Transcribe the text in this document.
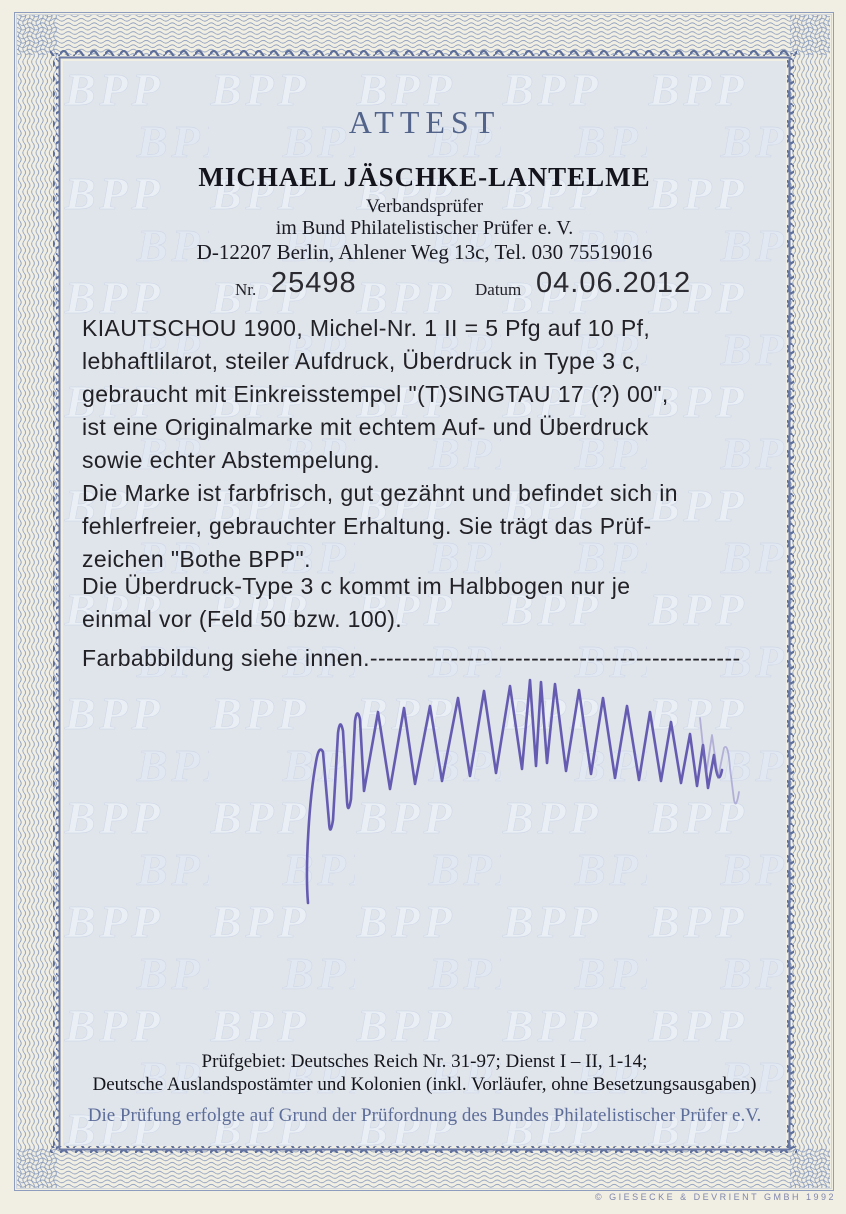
ATTEST
MICHAEL JÄSCHKE-LANTELME
Verbandsprüfer
im Bund Philatelistischer Prüfer e. V.
D-12207 Berlin, Ahlener Weg 13c, Tel. 030 75519016
Nr. 25498	Datum 04.06.2012
KIAUTSCHOU 1900, Michel-Nr. 1 II = 5 Pfg auf 10 Pf,
lebhaftlilarot, steiler Aufdruck, Überdruck in Type 3 c,
gebraucht mit Einkreisstempel "(T)SINGTAU 17 (?) 00",
ist eine Originalmarke mit echtem Auf- und Überdruck
sowie echter Abstempelung.
Die Marke ist farbfrisch, gut gezähnt und befindet sich in
fehlerfreier, gebrauchter Erhaltung. Sie trägt das Prüf-
zeichen "Bothe BPP".
Die Überdruck-Type 3 c kommt im Halbbogen nur je
einmal vor (Feld 50 bzw. 100).
Farbabbildung siehe innen.----------------------------------------------
Prüfgebiet: Deutsches Reich Nr. 31-97; Dienst I – II, 1-14;
Deutsche Auslandspostämter und Kolonien (inkl. Vorläufer, ohne Besetzungsausgaben)
Die Prüfung erfolgte auf Grund der Prüfordnung des Bundes Philatelistischer Prüfer e.V.
© GIESECKE & DEVRIENT GMBH 1992
